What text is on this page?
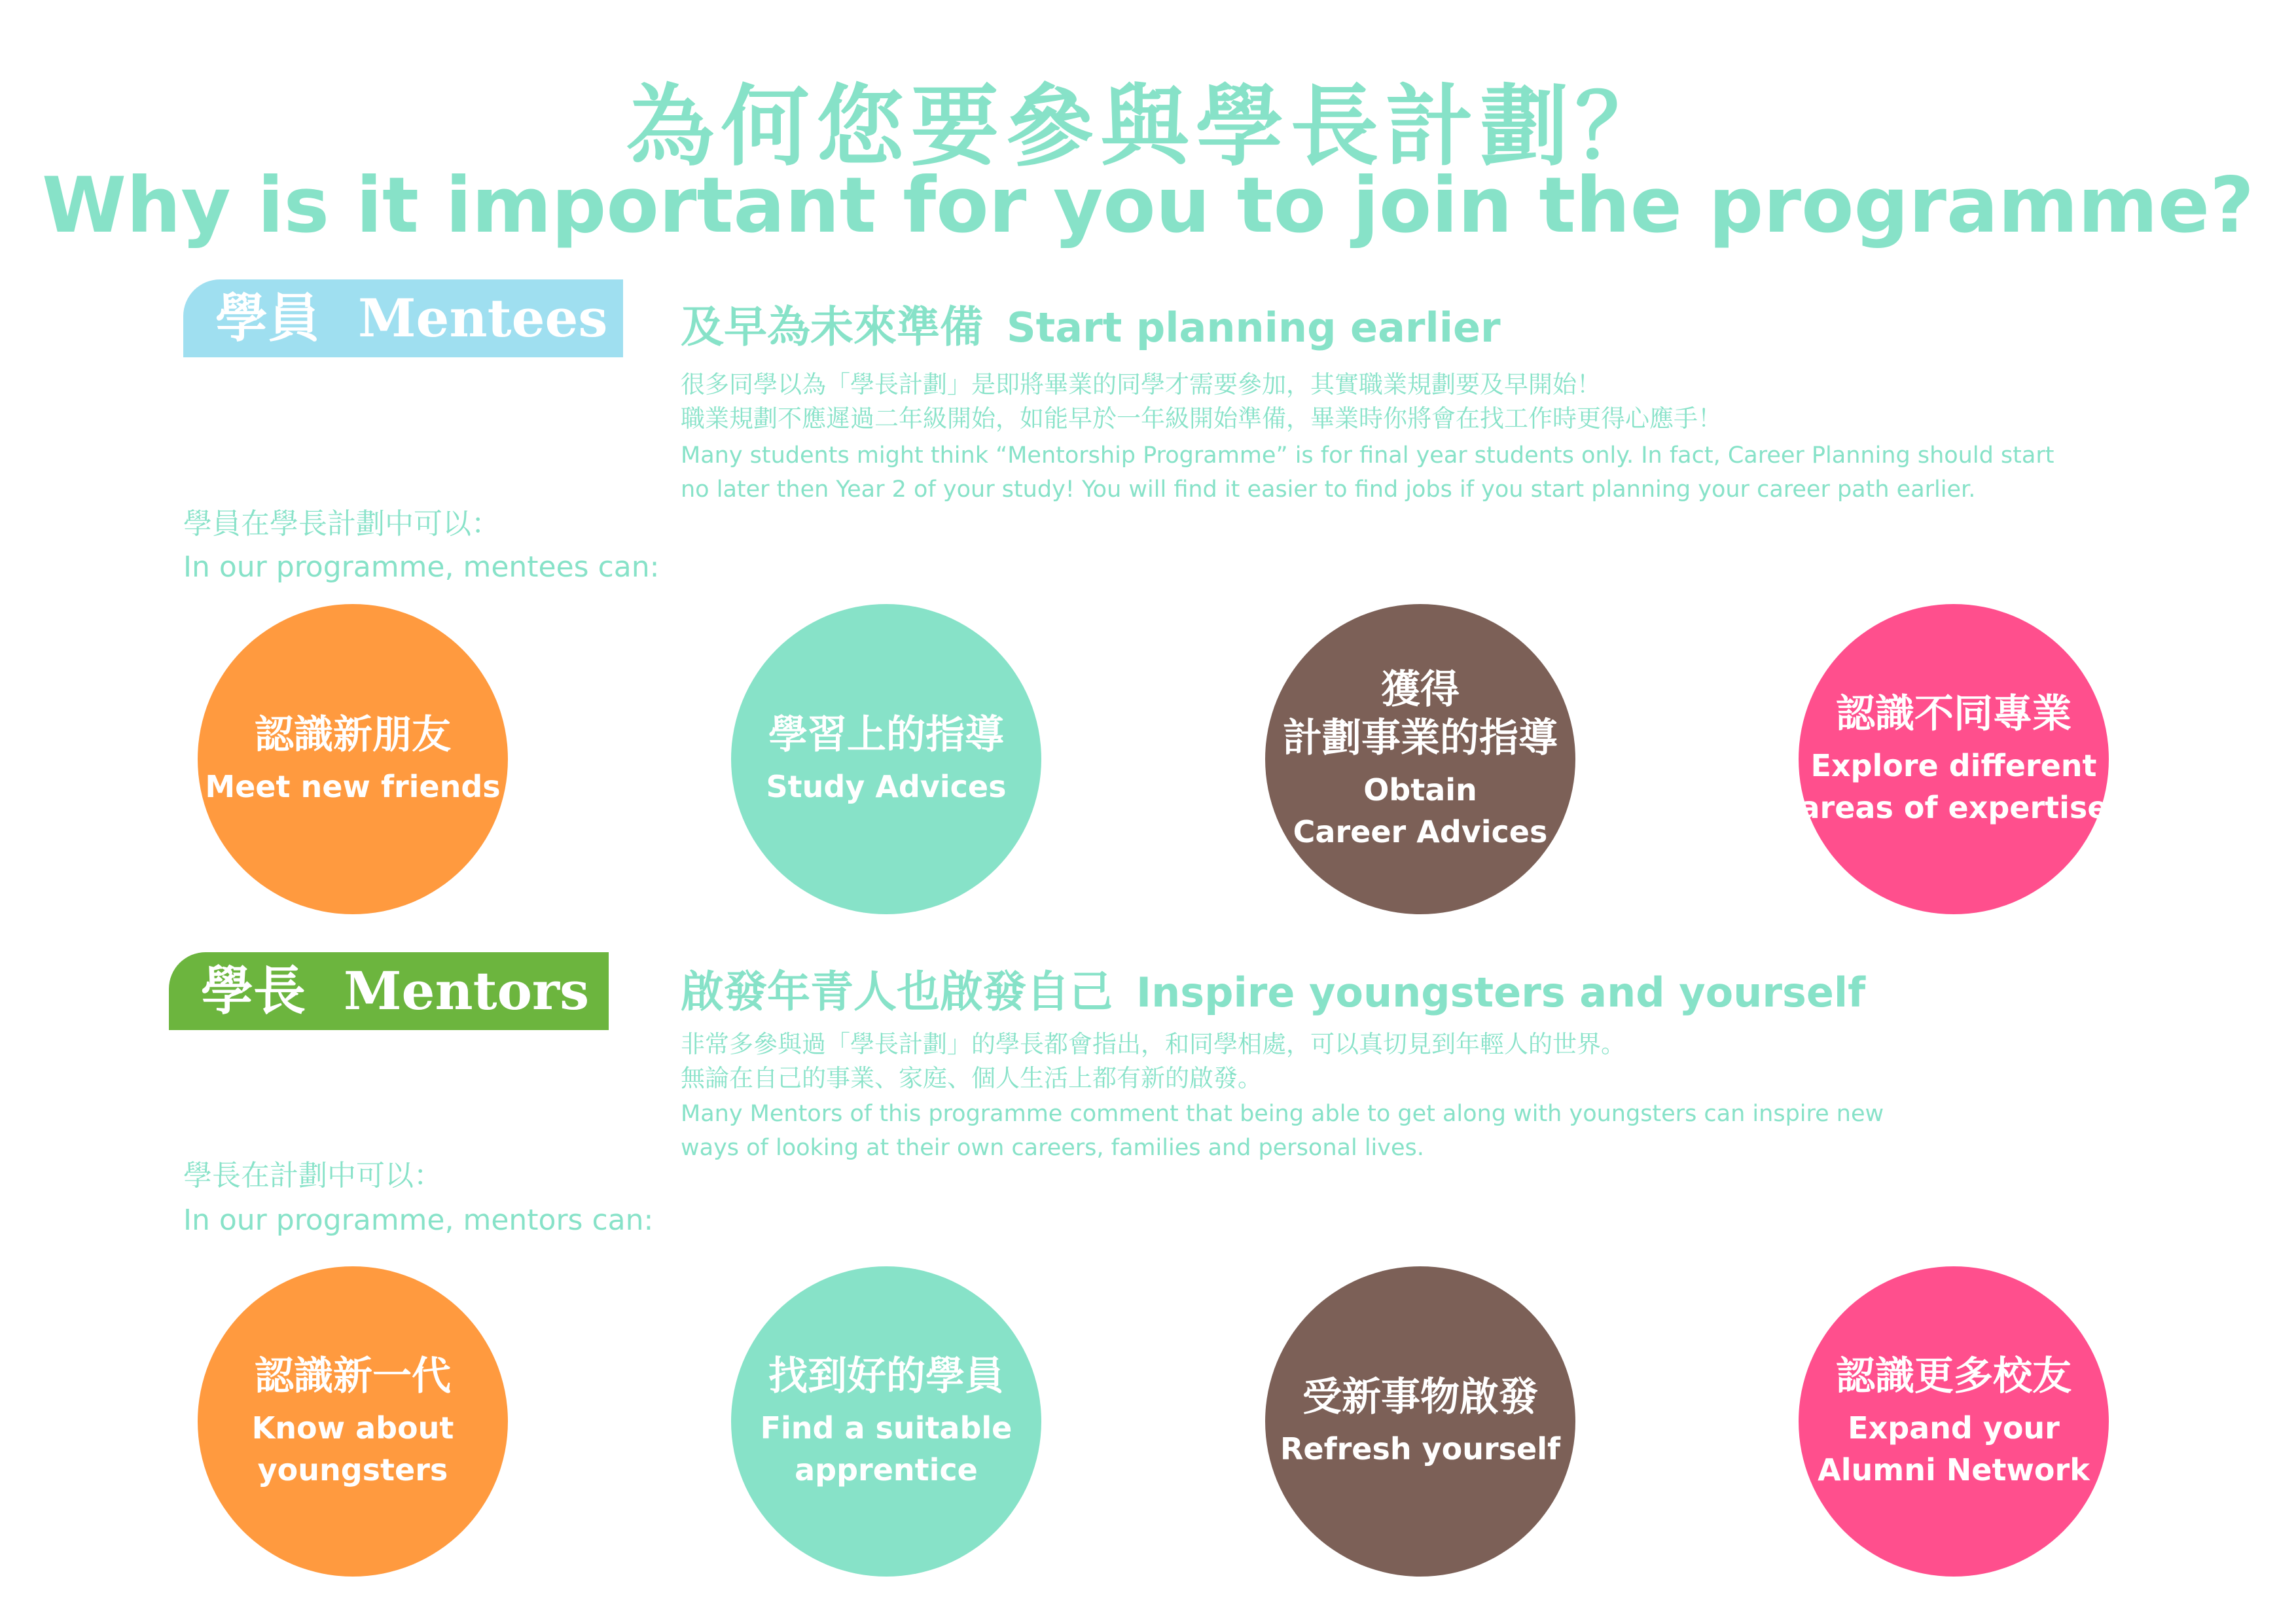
為何您要參與學長計劃？
Why is it important for you to join the programme?
學員 Mentees	及早為未來準備 Start planning earlier
很多同學以為「學長計劃」是即將畢業的同學才需要參加，其實職業規劃要及早開始！
職業規劃不應遲過二年級開始，如能早於一年級開始準備，畢業時你將會在找工作時更得心應手！
Many students might think “Mentorship Programme” is for final year students only. In fact, Career Planning should start
no later then Year 2 of your study! You will find it easier to find jobs if you start planning your career path earlier.
學員在學長計劃中可以：
In our programme, mentees can:
認識新朋友
Meet new friends
學習上的指導
Study Advices
獲得
計劃事業的指導
Obtain
Career Advices
認識不同專業
Explore different
areas of expertise
學長 Mentors	啟發年青人也啟發自己 Inspire youngsters and yourself
非常多參與過「學長計劃」的學長都會指出，和同學相處，可以真切見到年輕人的世界。
無論在自己的事業、家庭、個人生活上都有新的啟發。
Many Mentors of this programme comment that being able to get along with youngsters can inspire new
ways of looking at their own careers, families and personal lives.
學長在計劃中可以：
In our programme, mentors can:
認識新一代
Know about
youngsters
找到好的學員
Find a suitable
apprentice
受新事物啟發
Refresh yourself
認識更多校友
Expand your
Alumni Network
